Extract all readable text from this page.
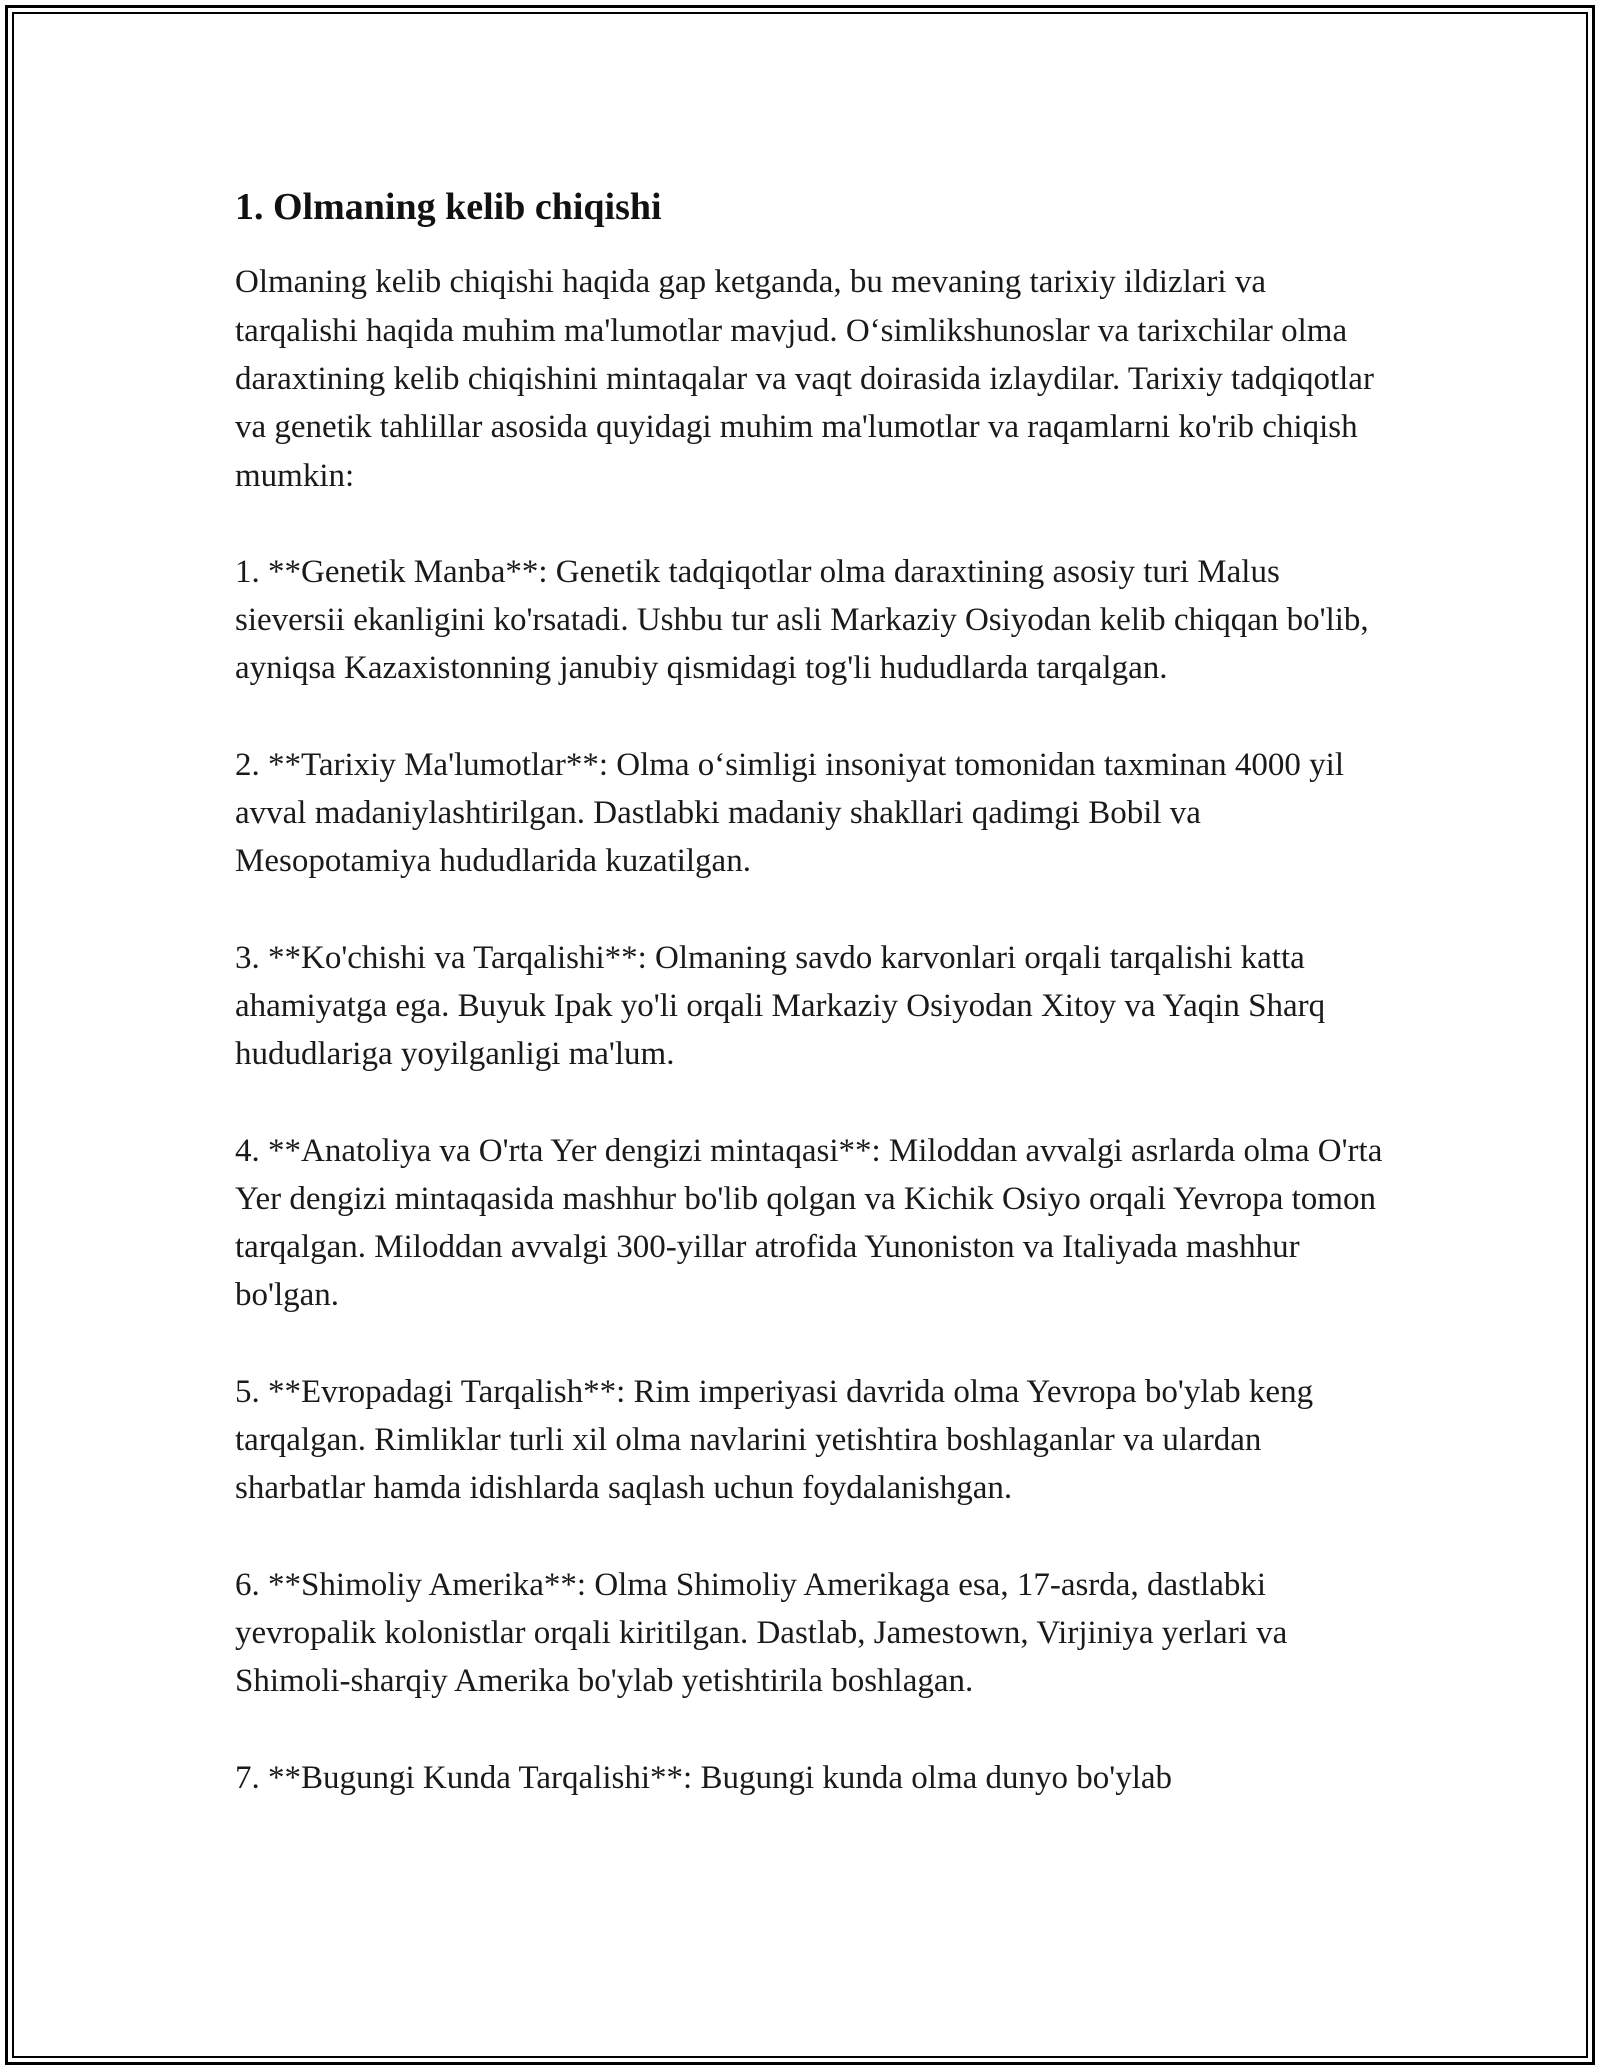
1. Olmaning kelib chiqishi

Olmaning kelib chiqishi haqida gap ketganda, bu mevaning tarixiy ildizlari va tarqalishi haqida muhim ma'lumotlar mavjud. O‘simlikshunoslar va tarixchilar olma daraxtining kelib chiqishini mintaqalar va vaqt doirasida izlaydilar. Tarixiy tadqiqotlar va genetik tahlillar asosida quyidagi muhim ma'lumotlar va raqamlarni ko'rib chiqish mumkin:

1. **Genetik Manba**: Genetik tadqiqotlar olma daraxtining asosiy turi Malus sieversii ekanligini ko'rsatadi. Ushbu tur asli Markaziy Osiyodan kelib chiqqan bo'lib, ayniqsa Kazaxistonning janubiy qismidagi tog'li hududlarda tarqalgan.

2. **Tarixiy Ma'lumotlar**: Olma o‘simligi insoniyat tomonidan taxminan 4000 yil avval madaniylashtirilgan. Dastlabki madaniy shakllari qadimgi Bobil va Mesopotamiya hududlarida kuzatilgan.

3. **Ko'chishi va Tarqalishi**: Olmaning savdo karvonlari orqali tarqalishi katta ahamiyatga ega. Buyuk Ipak yo'li orqali Markaziy Osiyodan Xitoy va Yaqin Sharq hududlariga yoyilganligi ma'lum.

4. **Anatoliya va O'rta Yer dengizi mintaqasi**: Miloddan avvalgi asrlarda olma O'rta Yer dengizi mintaqasida mashhur bo'lib qolgan va Kichik Osiyo orqali Yevropa tomon tarqalgan. Miloddan avvalgi 300-yillar atrofida Yunoniston va Italiyada mashhur bo'lgan.

5. **Evropadagi Tarqalish**: Rim imperiyasi davrida olma Yevropa bo'ylab keng tarqalgan. Rimliklar turli xil olma navlarini yetishtira boshlaganlar va ulardan sharbatlar hamda idishlarda saqlash uchun foydalanishgan.

6. **Shimoliy Amerika**: Olma Shimoliy Amerikaga esa, 17-asrda, dastlabki yevropalik kolonistlar orqali kiritilgan. Dastlab, Jamestown, Virjiniya yerlari va Shimoli-sharqiy Amerika bo'ylab yetishtirila boshlagan.

7. **Bugungi Kunda Tarqalishi**: Bugungi kunda olma dunyo bo'ylab
